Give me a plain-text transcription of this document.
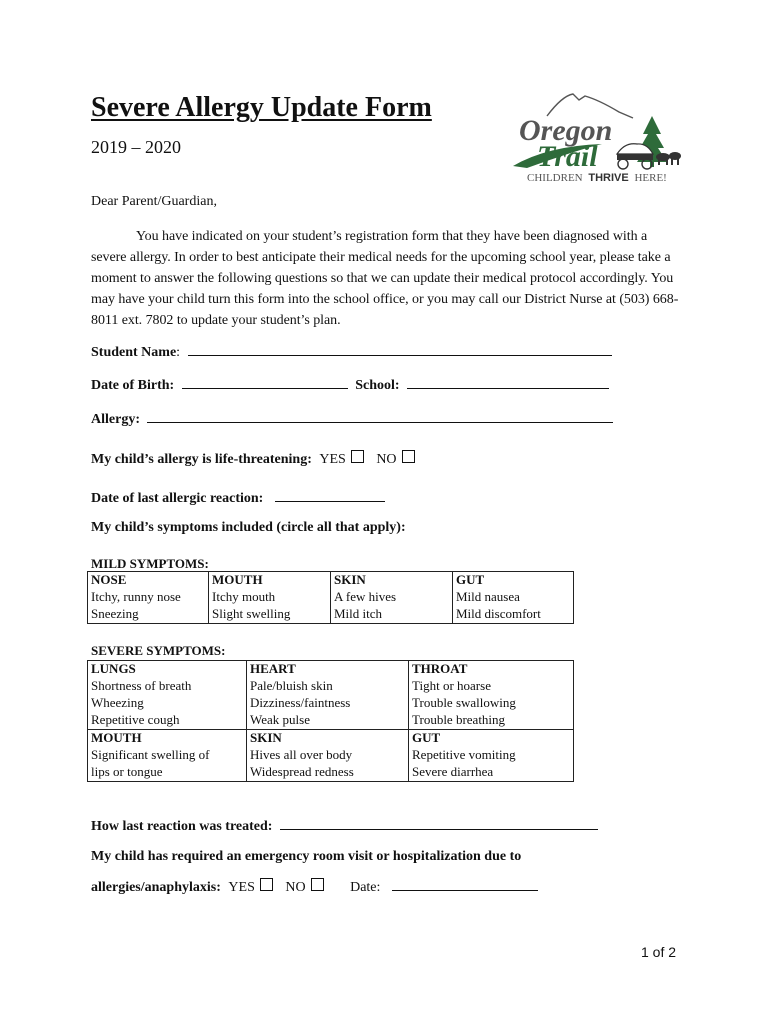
Severe Allergy Update Form
2019 – 2020	Oregon
Trail
CHILDREN THRIVE HERE!
Dear Parent/Guardian,
You have indicated on your student’s registration form that they have been diagnosed with a severe allergy. In order to best anticipate their medical needs for the upcoming school year, please take a moment to answer the following questions so that we can update their medical protocol accordingly. You may have your child turn this form into the school office, or you may call our District Nurse at (503) 668-8011 ext. 7802 to update your student’s plan.
Student Name:
Date of Birth:	School:
Allergy:
My child’s allergy is life-threatening: YES NO
Date of last allergic reaction:
My child’s symptoms included (circle all that apply):
MILD SYMPTOMS:
NOSE	MOUTH	SKIN	GUT
Itchy, runny nose	Itchy mouth	A few hives	Mild nausea
Sneezing	Slight swelling	Mild itch	Mild discomfort
SEVERE SYMPTOMS:
LUNGS	HEART	THROAT
Shortness of breath	Pale/bluish skin	Tight or hoarse
Wheezing	Dizziness/faintness	Trouble swallowing
Repetitive cough	Weak pulse	Trouble breathing
MOUTH	SKIN	GUT
Significant swelling of	Hives all over body	Repetitive vomiting
lips or tongue	Widespread redness	Severe diarrhea
How last reaction was treated:
My child has required an emergency room visit or hospitalization due to
allergies/anaphylaxis: YES NO	Date:
1 of 2
